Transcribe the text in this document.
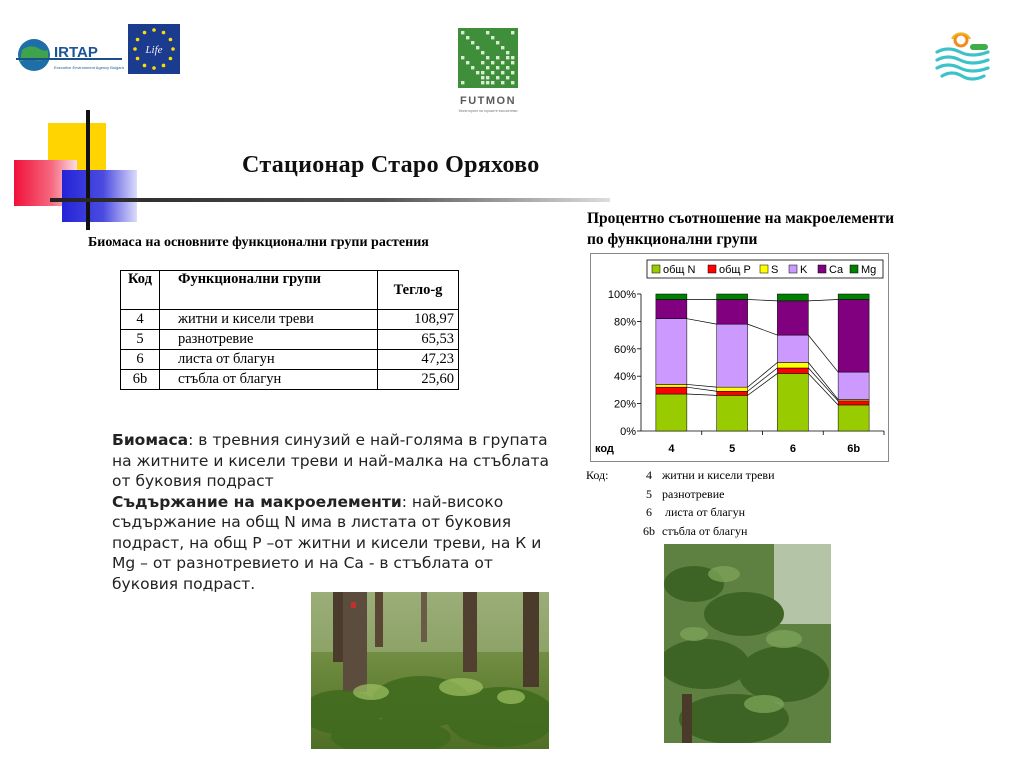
IRTAP
Executive Environment Agency Bulgaria
Life
FUTMON
Мониторинг на горските екосистеми
Стационар Старо Оряхово
Биомаса на основните функционални групи растения
Процентно съотношение на макроелементи
по функционални групи
Код	Функционални групи	Тегло-g
4	житни и кисели треви	108,97
5	разнотревие	65,53
6	листа от благун	47,23
6b	стъбла от благун	25,60
Биомаса: в тревния синузий е най-голяма в групата на житните и кисели треви и най-малка на стъблата от буковия подраст
Съдържание на макроелементи: най-високо съдържание на общ N има в листата от буковия подраст, на общ Р –от житни и кисели треви, на К и Mg – от разнотревието и на Са - в стъблата от буковия подраст.
общ N общ P S K Ca Mg
0%
20%
40%
60%
80%
100%
4	5	6	6b
код
Код:	4 житни и кисели треви
5 разнотревие
6 листа от благун
6b стъбла от благун
